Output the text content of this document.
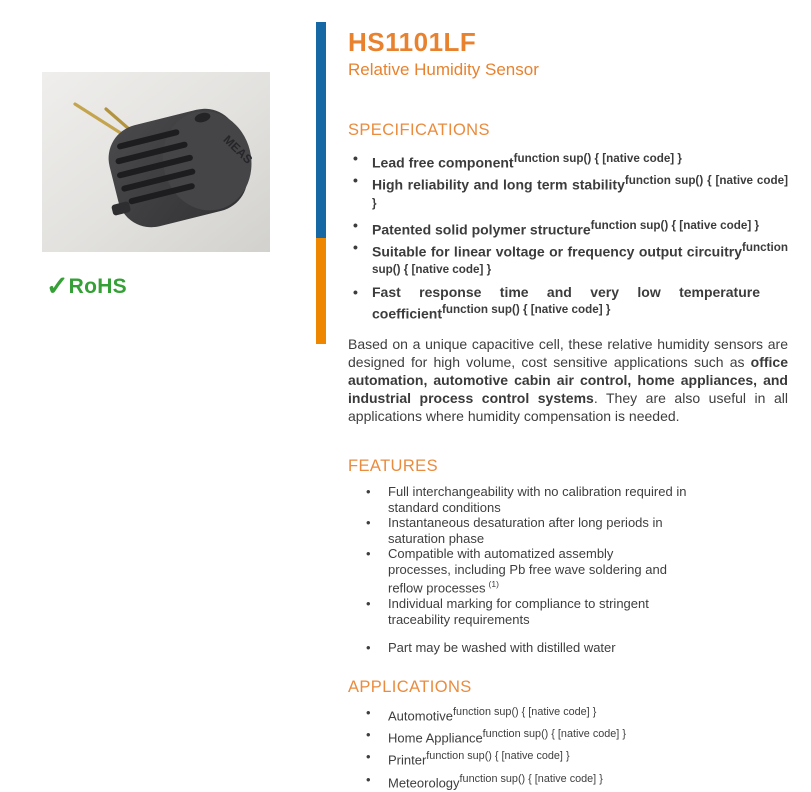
MEAS
✓ RoHS
HS1101LF
Relative Humidity Sensor
SPECIFICATIONS
• Lead free component$^{function sup() \{ [native code] \}}$
• High reliability and long term stability$^{function sup() \{ [native code] \}}$
• Patented solid polymer structure$^{function sup() \{ [native code] \}}$
• Suitable for linear voltage or frequency output circuitry$^{function sup() \{ [native code] \}}$
• Fast response time and very low temperature coefficient$^{function sup() \{ [native code] \}}$

Based on a unique capacitive cell, these relative humidity sensors are designed for high volume, cost sensitive applications such as office automation, automotive cabin air control, home appliances, and industrial process control systems. They are also useful in all applications where humidity compensation is needed.

FEATURES
• Full interchangeability with no calibration required in standard conditions
• Instantaneous desaturation after long periods in saturation phase
• Compatible with automatized assembly processes, including Pb free wave soldering and reflow processes $^{(1)}$
• Individual marking for compliance to stringent traceability requirements
• Part may be washed with distilled water
APPLICATIONS
• Automotive$^{function sup() \{ [native code] \}}$
• Home Appliance$^{function sup() \{ [native code] \}}$
• Printer$^{function sup() \{ [native code] \}}$
• Meteorology$^{function sup() \{ [native code] \}}$
